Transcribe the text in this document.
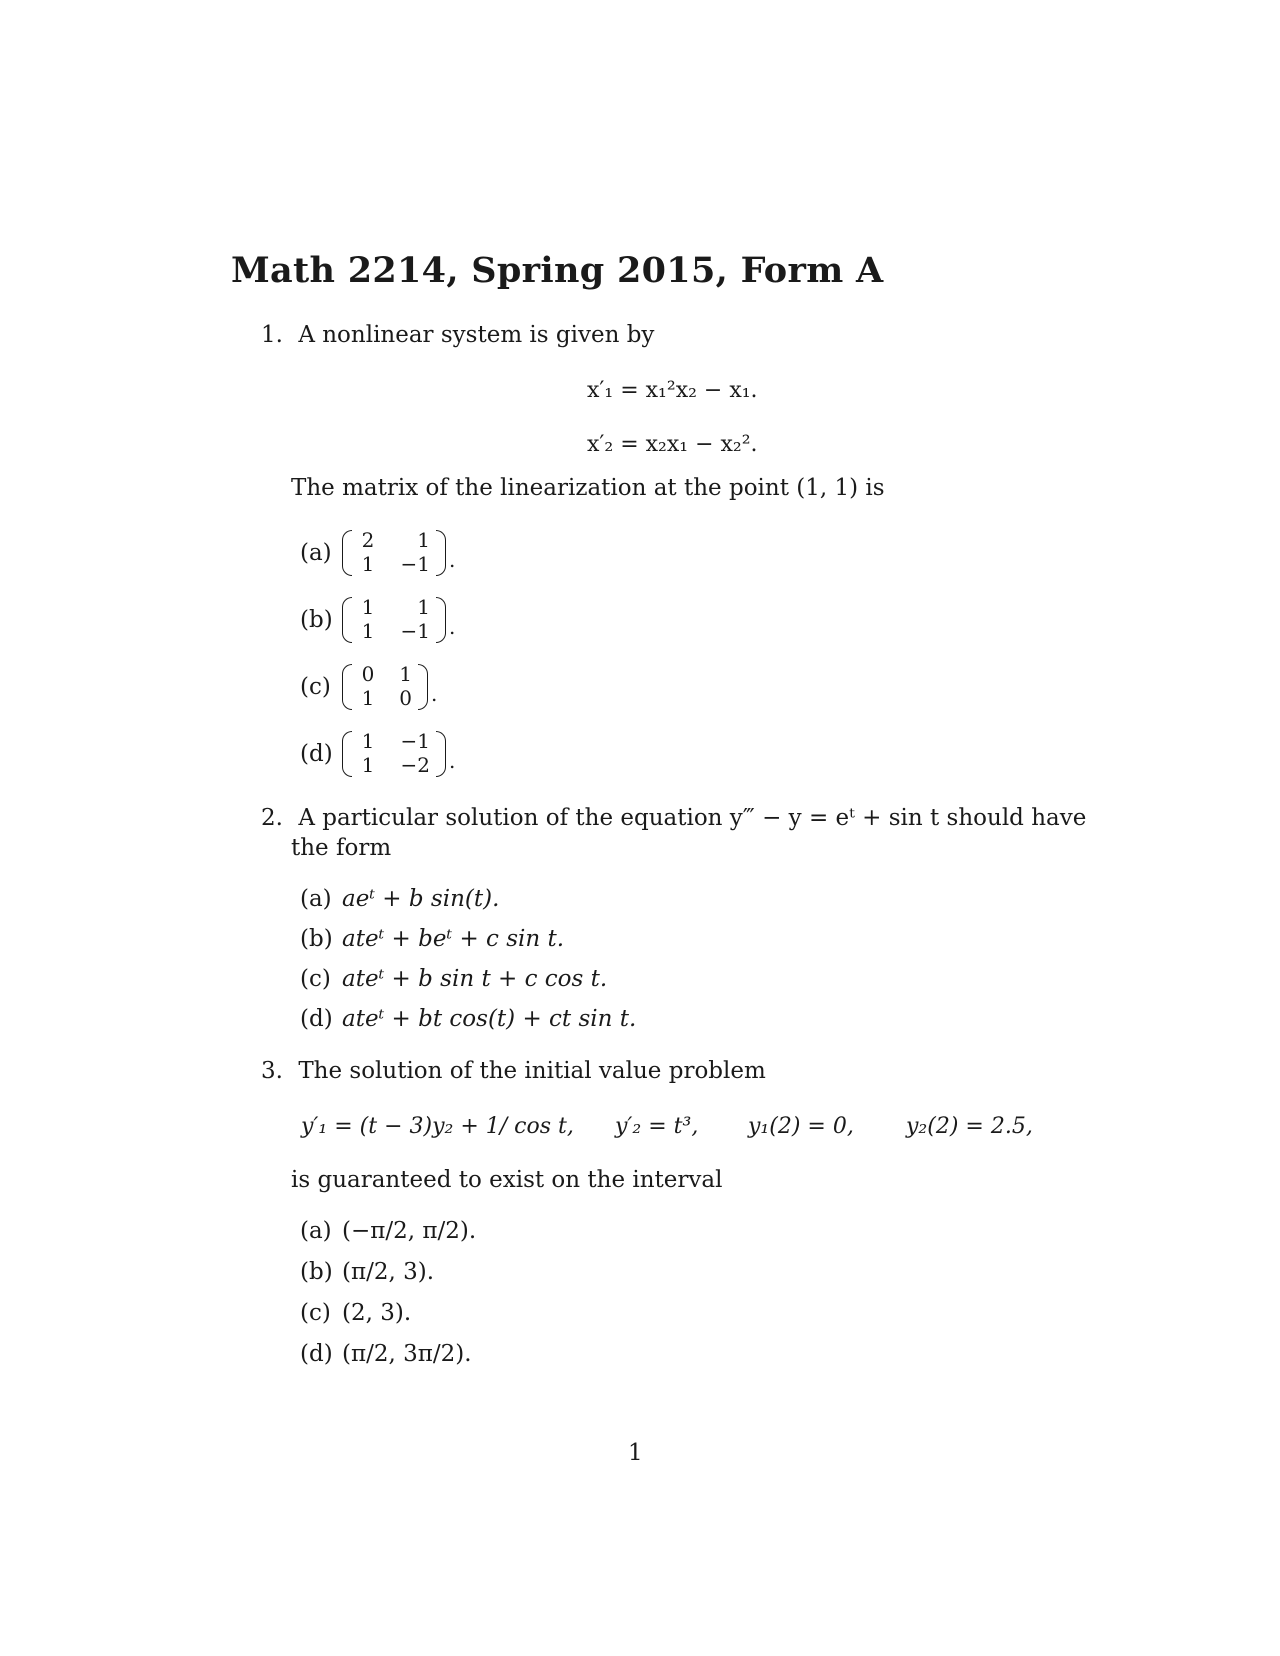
Math 2214, Spring 2015, Form A
1. A nonlinear system is given by
x′₁ = x₁²x₂ − x₁.
x′₂ = x₂x₁ − x₂².
The matrix of the linearization at the point (1, 1) is
(a) 2	1
1	−1 .
(b) 1	1
1	−1 .
(c) 0	1
1	0 .
(d) 1	−1
1	−2 .
2. A particular solution of the equation y‴ − y = eᵗ + sin t should have
the form
(a) aeᵗ + b sin(t).
(b) ateᵗ + beᵗ + c sin t.
(c) ateᵗ + b sin t + c cos t.
(d) ateᵗ + bt cos(t) + ct sin t.
3. The solution of the initial value problem
y′₁ = (t − 3)y₂ + 1/ cos t, y′₂ = t³, y₁(2) = 0, y₂(2) = 2.5,
is guaranteed to exist on the interval
(a) (−π/2, π/2).
(b) (π/2, 3).
(c) (2, 3).
(d) (π/2, 3π/2).
1
